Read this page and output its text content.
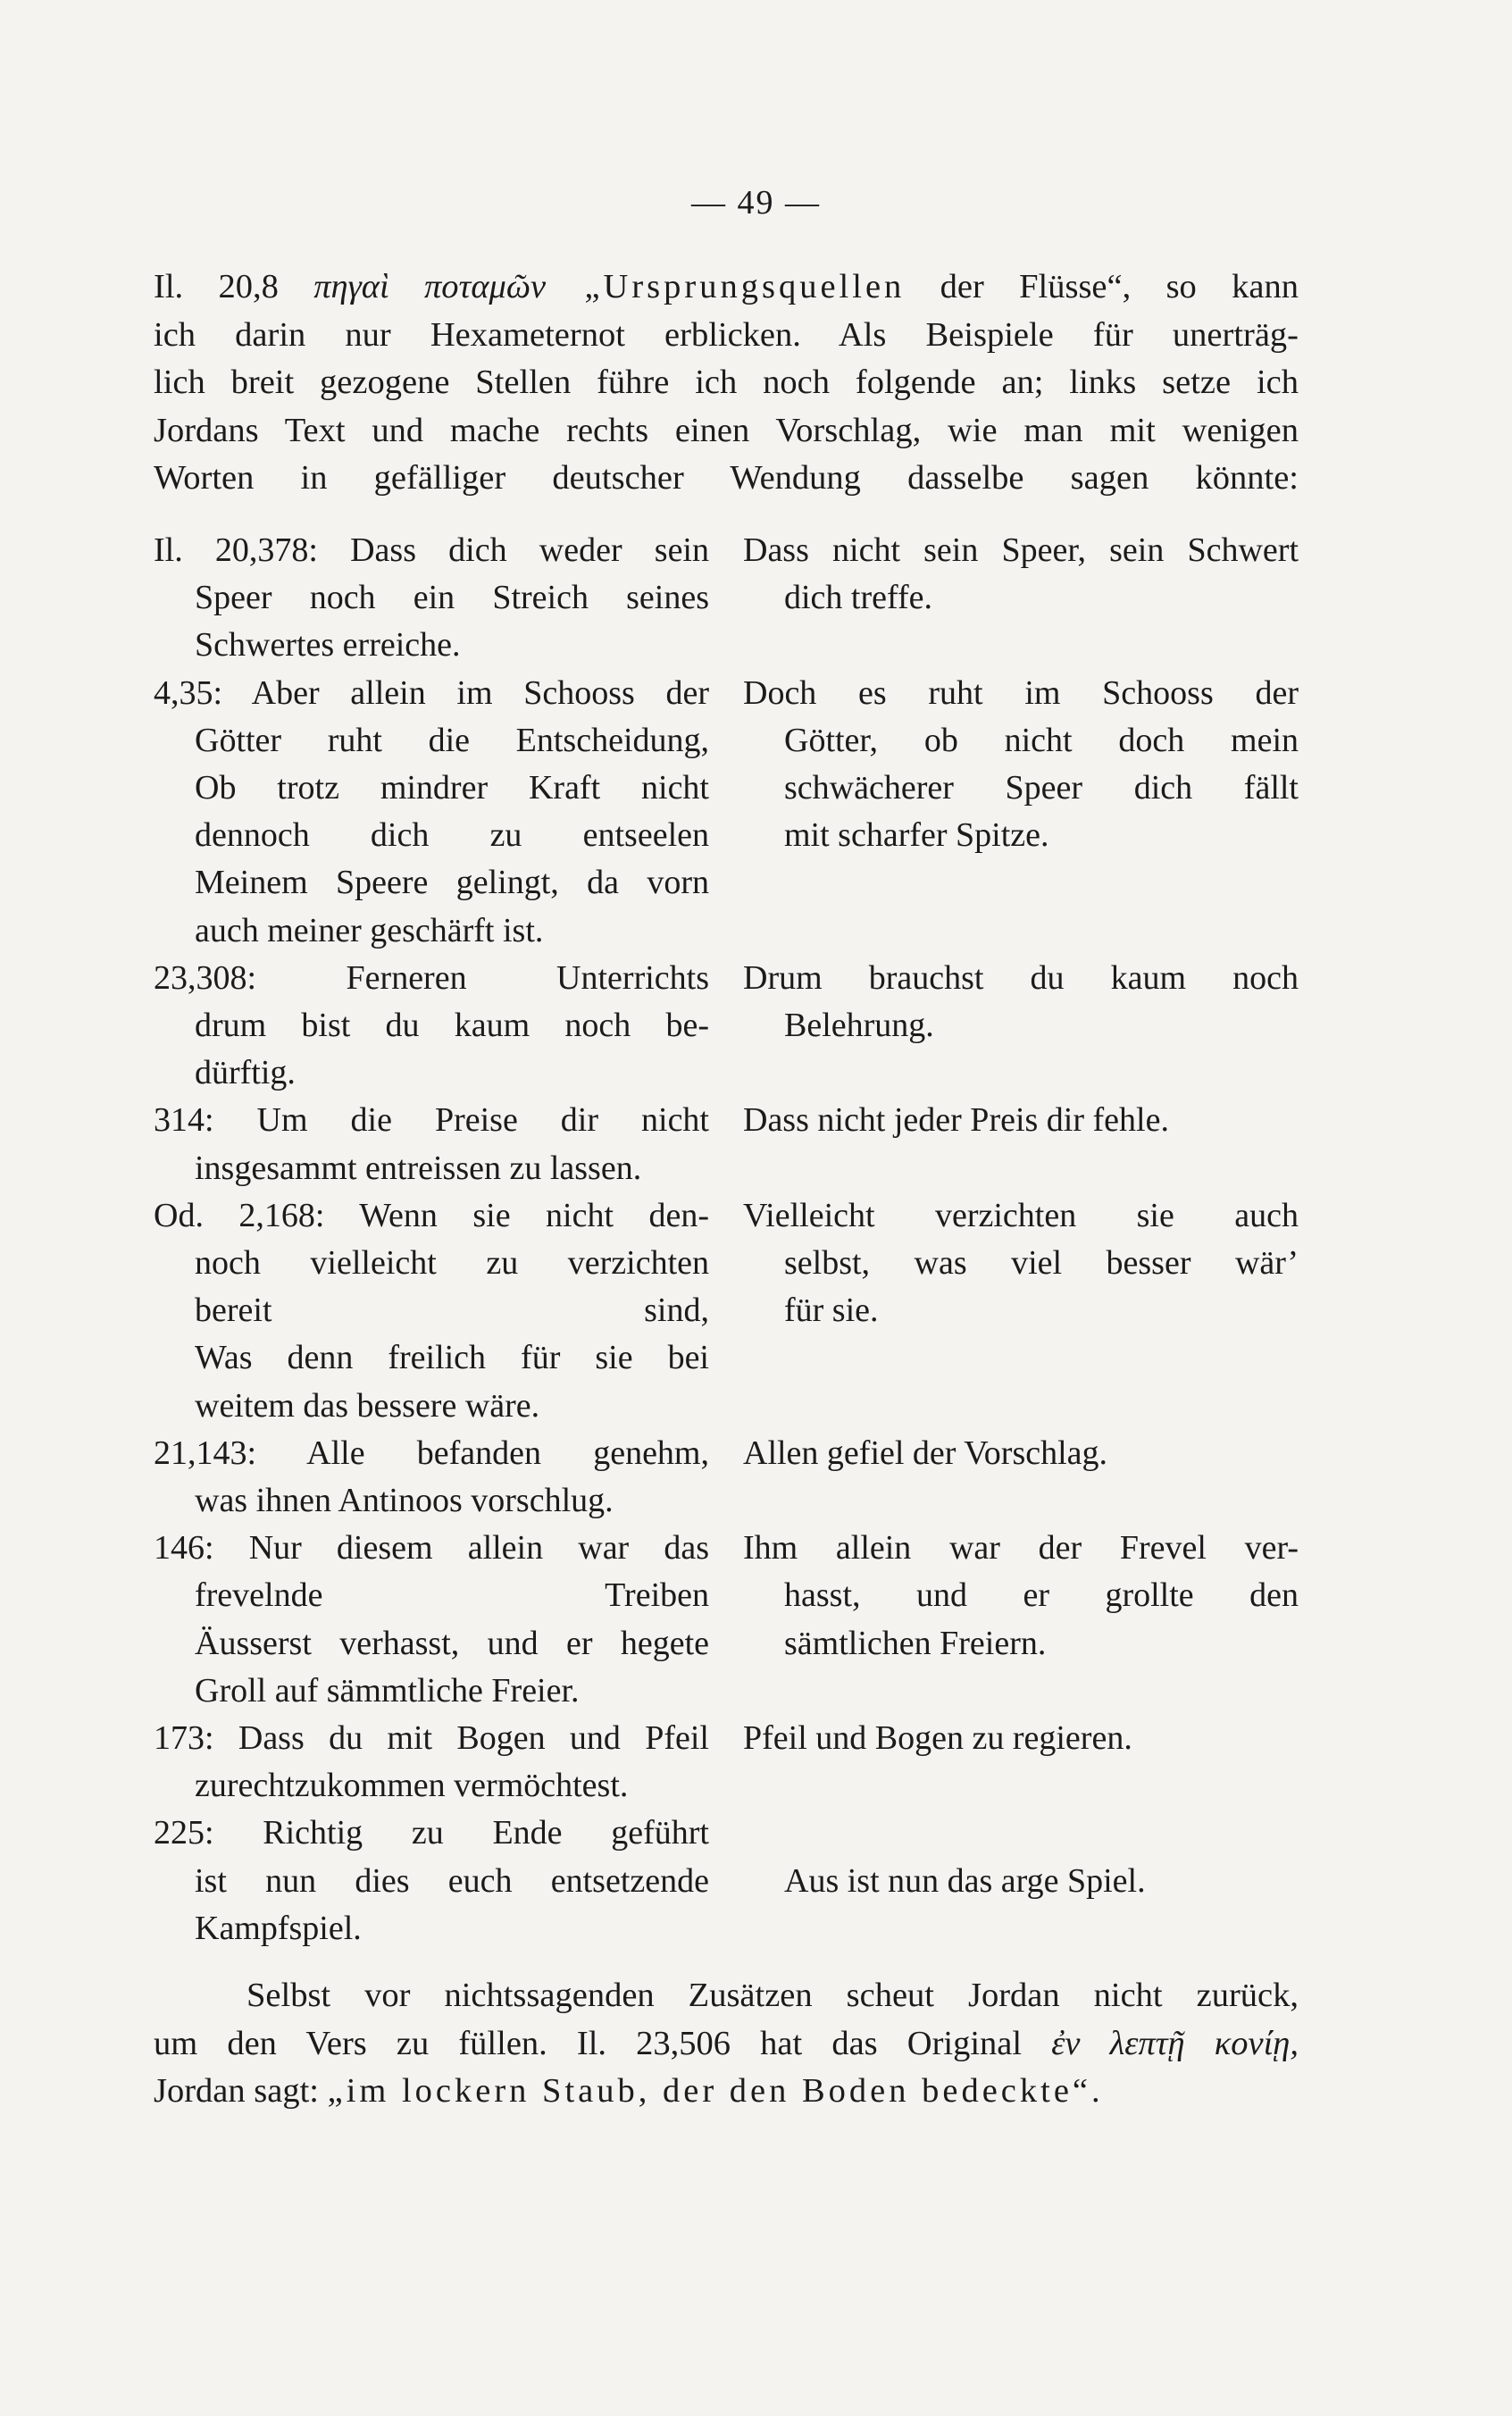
— 49 —
Il. 20,8 πηγαὶ ποταμῶν „Ursprungsquellen der Flüsse“, so kann
ich darin nur Hexameternot erblicken. Als Beispiele für unerträg-
lich breit gezogene Stellen führe ich noch folgende an; links setze ich
Jordans Text und mache rechts einen Vorschlag, wie man mit wenigen
Worten in gefälliger deutscher Wendung dasselbe sagen könnte:
Il. 20,378: Dass dich weder sein
Speer noch ein Streich seines
Schwertes erreiche.
Dass nicht sein Speer, sein Schwert
dich treffe.
4,35: Aber allein im Schooss der
Götter ruht die Entscheidung,
Ob trotz mindrer Kraft nicht
dennoch dich zu entseelen
Meinem Speere gelingt, da vorn
auch meiner geschärft ist.
Doch es ruht im Schooss der
Götter, ob nicht doch mein
schwächerer Speer dich fällt
mit scharfer Spitze.
23,308: Ferneren Unterrichts
drum bist du kaum noch be-
dürftig.
Drum brauchst du kaum noch
Belehrung.
314: Um die Preise dir nicht
insgesammt entreissen zu lassen.
Dass nicht jeder Preis dir fehle.
Od. 2,168: Wenn sie nicht den-
noch vielleicht zu verzichten
bereit sind,
Was denn freilich für sie bei
weitem das bessere wäre.
Vielleicht verzichten sie auch
selbst, was viel besser wär’
für sie.
21,143: Alle befanden genehm,
was ihnen Antinoos vorschlug.
Allen gefiel der Vorschlag.
146: Nur diesem allein war das
frevelnde Treiben
Äusserst verhasst, und er hegete
Groll auf sämmtliche Freier.
Ihm allein war der Frevel ver-
hasst, und er grollte den
sämtlichen Freiern.
173: Dass du mit Bogen und Pfeil
zurechtzukommen vermöchtest.
Pfeil und Bogen zu regieren.
225: Richtig zu Ende geführt
ist nun dies euch entsetzende
Kampfspiel.

Aus ist nun das arge Spiel.
Selbst vor nichtssagenden Zusätzen scheut Jordan nicht zurück,
um den Vers zu füllen. Il. 23,506 hat das Original ἐν λεπτῇ κονίῃ,
Jordan sagt: „im lockern Staub, der den Boden bedeckte“.
